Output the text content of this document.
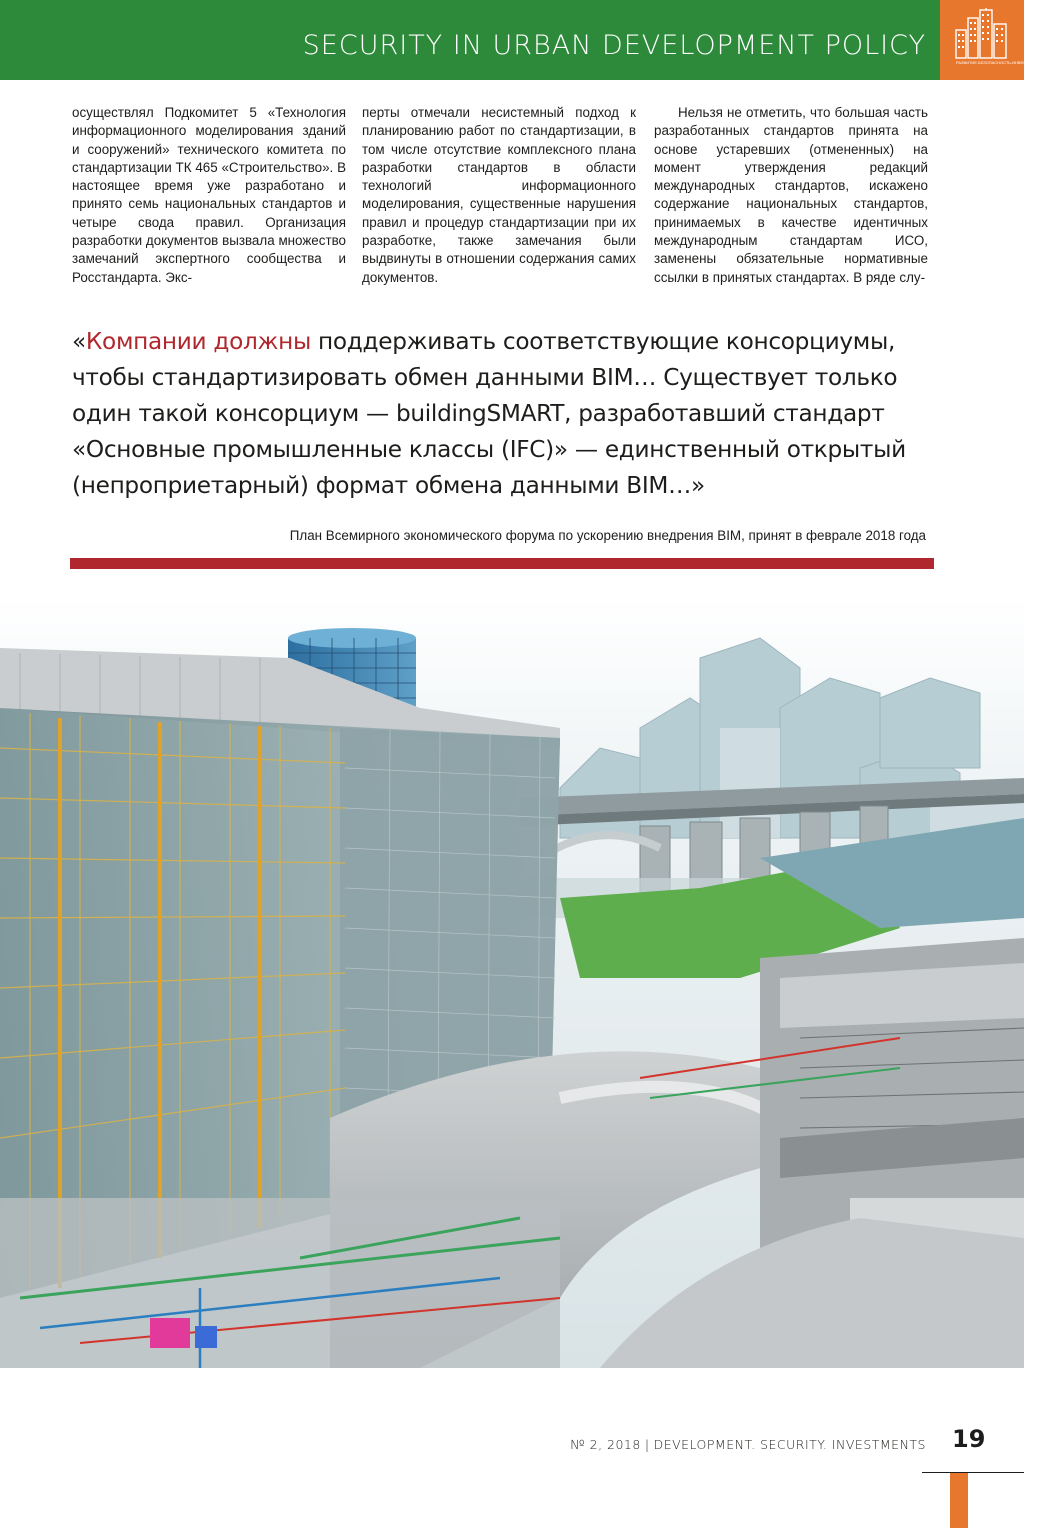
SECURITY IN URBAN DEVELOPMENT POLICY
РАЗВИТИЕ.БЕЗОПАСНОСТЬ.ИНВЕСТИЦИИ

осуществлял Подкомитет 5 «Технология информационного моделирования зданий и сооружений» технического комитета по стандартизации ТК 465 «Строительство». В настоящее время уже разработано и принято семь национальных стандартов и четыре свода правил. Организация разработки документов вызвала множество замечаний экспертного сообщества и Росстандарта. Экс-

перты отмечали несистемный подход к планированию работ по стандартизации, в том числе отсутствие комплексного плана разработки стандартов в области технологий информационного моделирования, существенные нарушения правил и процедур стандартизации при их разработке, также замечания были выдвинуты в отношении содержания самих документов.

Нельзя не отметить, что большая часть разработанных стандартов принята на основе устаревших (отмененных) на момент утверждения редакций международных стандартов, искажено содержание национальных стандартов, принимаемых в качестве идентичных международным стандартам ИСО, заменены обязательные нормативные ссылки в принятых стандартах. В ряде слу-

«Компании должны поддерживать соответствующие консорциумы, чтобы стандартизировать обмен данными BIM… Существует только один такой консорциум — buildingSMART, разработавший стандарт «Основные промышленные классы (IFC)» — единственный открытый (непроприетарный) формат обмена данными BIM…»
План Всемирного экономического форума по ускорению внедрения BIM, принят в феврале 2018 года
№ 2, 2018 | DEVELOPMENT. SECURITY. INVESTMENTS 19
